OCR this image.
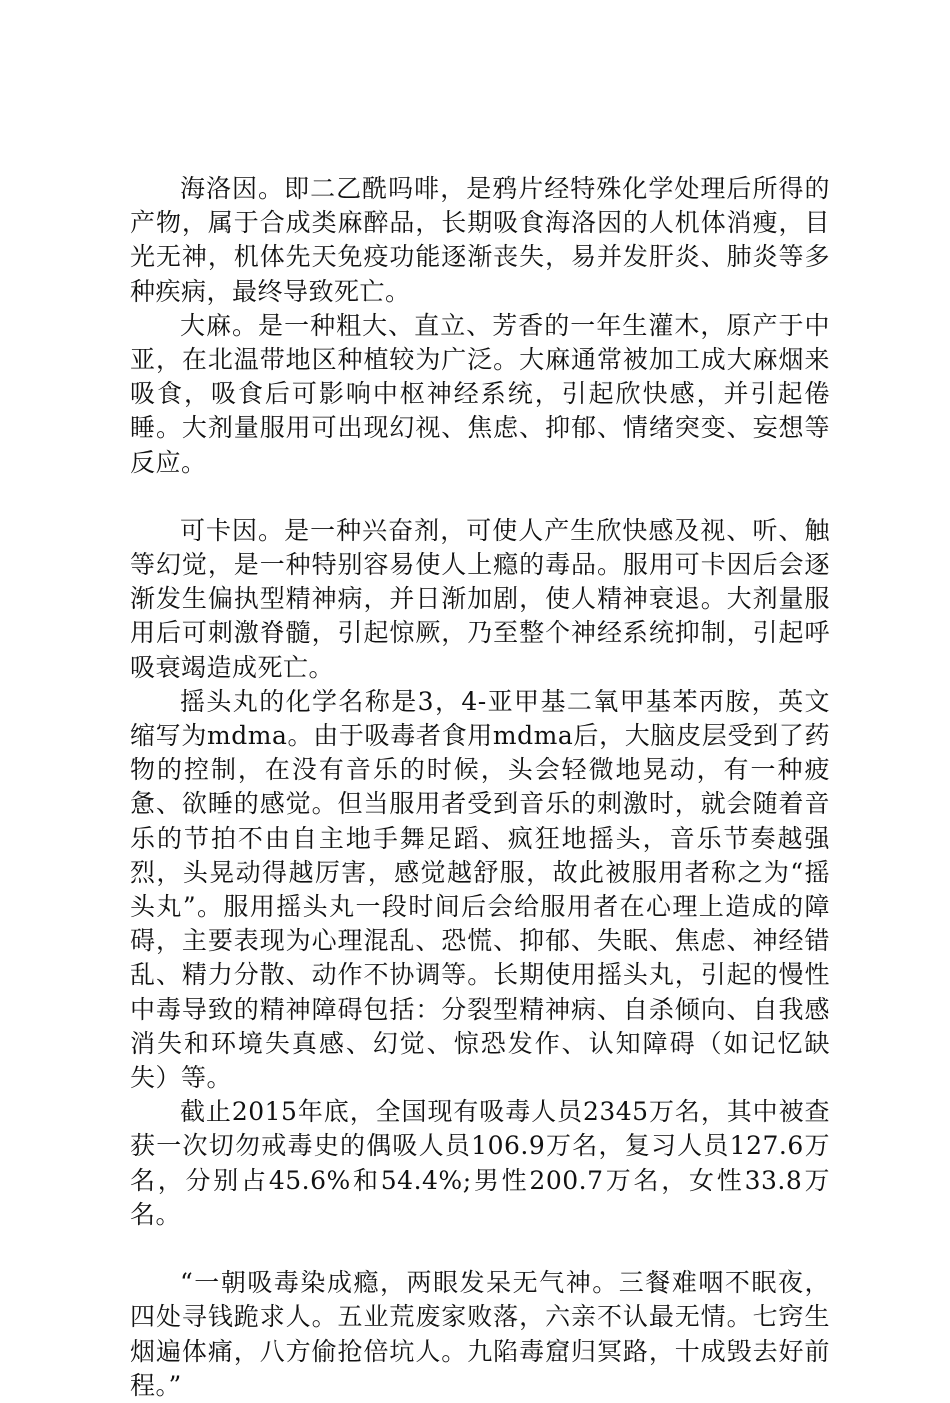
海洛因。即二乙酰吗啡，是鸦片经特殊化学处理后所得的产物，属于合成类麻醉品，长期吸食海洛因的人机体消瘦，目光无神，机体先天免疫功能逐渐丧失，易并发肝炎、肺炎等多种疾病，最终导致死亡。

大麻。是一种粗大、直立、芳香的一年生灌木，原产于中亚，在北温带地区种植较为广泛。大麻通常被加工成大麻烟来吸食，吸食后可影响中枢神经系统，引起欣快感，并引起倦睡。大剂量服用可出现幻视、焦虑、抑郁、情绪突变、妄想等反应。

可卡因。是一种兴奋剂，可使人产生欣快感及视、听、触等幻觉，是一种特别容易使人上瘾的毒品。服用可卡因后会逐渐发生偏执型精神病，并日渐加剧，使人精神衰退。大剂量服用后可刺激脊髓，引起惊厥，乃至整个神经系统抑制，引起呼吸衰竭造成死亡。

摇头丸的化学名称是3，4-亚甲基二氧甲基苯丙胺，英文缩写为mdma。由于吸毒者食用mdma后，大脑皮层受到了药物的控制，在没有音乐的时候，头会轻微地晃动，有一种疲惫、欲睡的感觉。但当服用者受到音乐的刺激时，就会随着音乐的节拍不由自主地手舞足蹈、疯狂地摇头，音乐节奏越强烈，头晃动得越厉害，感觉越舒服，故此被服用者称之为“摇头丸”。服用摇头丸一段时间后会给服用者在心理上造成的障碍，主要表现为心理混乱、恐慌、抑郁、失眠、焦虑、神经错乱、精力分散、动作不协调等。长期使用摇头丸，引起的慢性中毒导致的精神障碍包括：分裂型精神病、自杀倾向、自我感消失和环境失真感、幻觉、惊恐发作、认知障碍（如记忆缺失）等。

截止2015年底，全国现有吸毒人员2345万名，其中被查获一次切勿戒毒史的偶吸人员106.9万名，复习人员127.6万名，分别占45.6%和54.4%;男性200.7万名，女性33.8万名。

“一朝吸毒染成瘾，两眼发呆无气神。三餐难咽不眠夜，四处寻钱跪求人。五业荒废家败落，六亲不认最无情。七窍生烟遍体痛，八方偷抢倍坑人。九陷毒窟归冥路，十成毁去好前程。”
